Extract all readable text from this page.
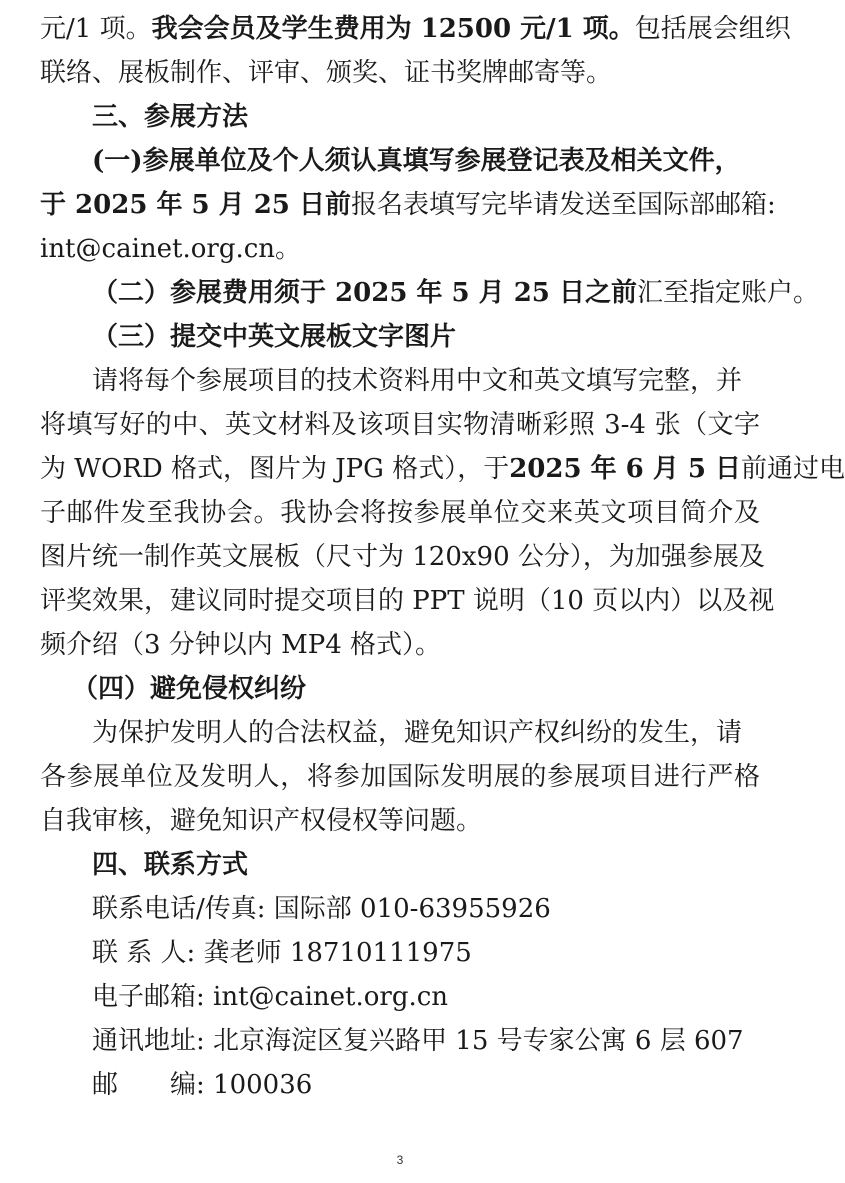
元/1 项。我会会员及学生费用为 12500 元/1 项。包括展会组织
联络、展板制作、评审、颁奖、证书奖牌邮寄等。
三、参展方法
(一)参展单位及个人须认真填写参展登记表及相关文件，
于 2025 年 5 月 25 日前报名表填写完毕请发送至国际部邮箱:
int@cainet.org.cn。
（二）参展费用须于 2025 年 5 月 25 日之前汇至指定账户。
（三）提交中英文展板文字图片
请将每个参展项目的技术资料用中文和英文填写完整，并
将填写好的中、英文材料及该项目实物清晰彩照 3-4 张（文字
为 WORD 格式，图片为 JPG 格式），于2025 年 6 月 5 日前通过电
子邮件发至我协会。我协会将按参展单位交来英文项目简介及
图片统一制作英文展板（尺寸为 120x90 公分），为加强参展及
评奖效果，建议同时提交项目的 PPT 说明（10 页以内）以及视
频介绍（3 分钟以内 MP4 格式）。
（四）避免侵权纠纷
为保护发明人的合法权益，避免知识产权纠纷的发生，请
各参展单位及发明人，将参加国际发明展的参展项目进行严格
自我审核，避免知识产权侵权等问题。
四、联系方式
联系电话/传真: 国际部 010-63955926
联 系 人: 龚老师 18710111975
电子邮箱: int@cainet.org.cn
通讯地址: 北京海淀区复兴路甲 15 号专家公寓 6 层 607
邮　　编: 100036
3
